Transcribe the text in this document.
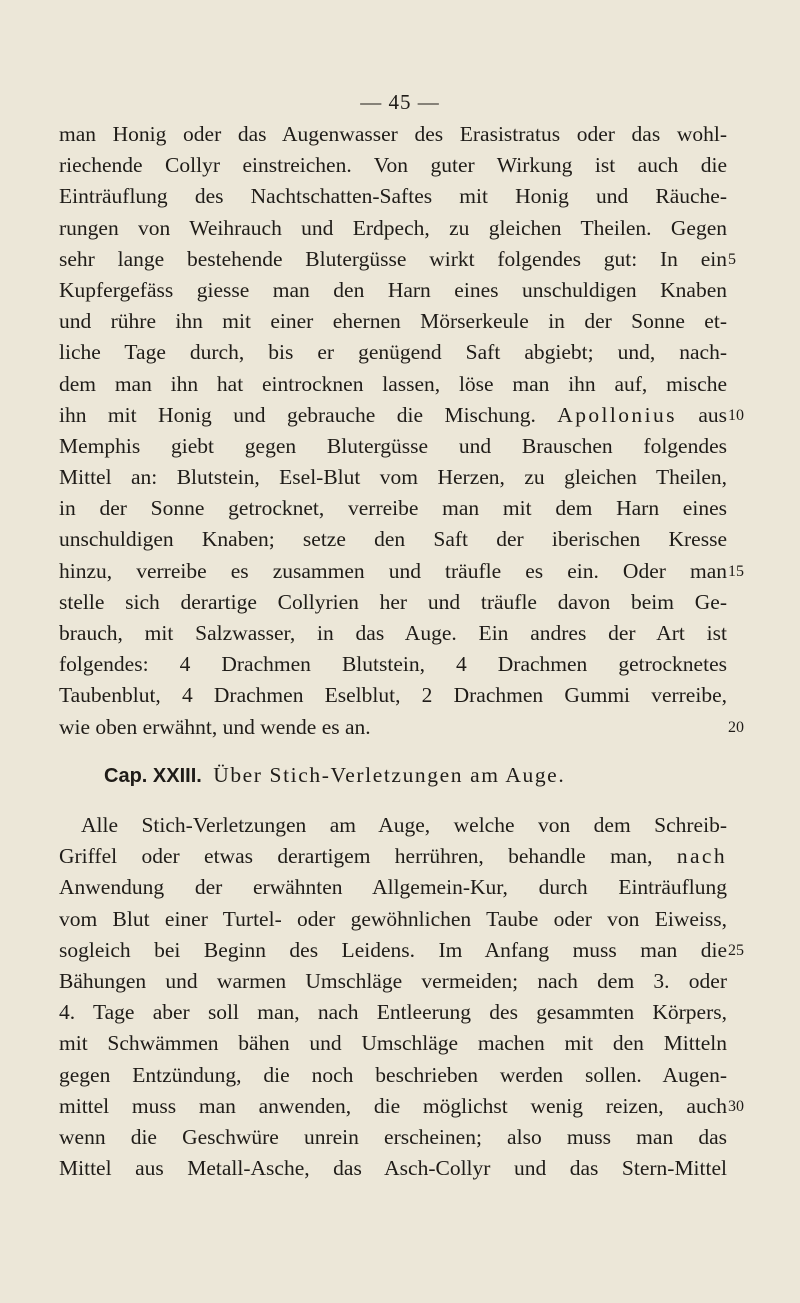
— 45 —
man Honig oder das Augenwasser des Erasistratus oder das wohl-
riechende Collyr einstreichen. Von guter Wirkung ist auch die
Einträuflung des Nachtschatten-Saftes mit Honig und Räuche-
rungen von Weihrauch und Erdpech, zu gleichen Theilen. Gegen
sehr lange bestehende Blutergüsse wirkt folgendes gut: In ein
Kupfergefäss giesse man den Harn eines unschuldigen Knaben
und rühre ihn mit einer ehernen Mörserkeule in der Sonne et-
liche Tage durch, bis er genügend Saft abgiebt; und, nach-
dem man ihn hat eintrocknen lassen, löse man ihn auf, mische
ihn mit Honig und gebrauche die Mischung. Apollonius aus
Memphis giebt gegen Blutergüsse und Brauschen folgendes
Mittel an: Blutstein, Esel-Blut vom Herzen, zu gleichen Theilen,
in der Sonne getrocknet, verreibe man mit dem Harn eines
unschuldigen Knaben; setze den Saft der iberischen Kresse
hinzu, verreibe es zusammen und träufle es ein. Oder man
stelle sich derartige Collyrien her und träufle davon beim Ge-
brauch, mit Salzwasser, in das Auge. Ein andres der Art ist
folgendes: 4 Drachmen Blutstein, 4 Drachmen getrocknetes
Taubenblut, 4 Drachmen Eselblut, 2 Drachmen Gummi verreibe,
wie oben erwähnt, und wende es an.
Cap. XXIII. Über Stich-Verletzungen am Auge.
Alle Stich-Verletzungen am Auge, welche von dem Schreib-
Griffel oder etwas derartigem herrühren, behandle man, nach
Anwendung der erwähnten Allgemein-Kur, durch Einträuflung
vom Blut einer Turtel- oder gewöhnlichen Taube oder von Eiweiss,
sogleich bei Beginn des Leidens. Im Anfang muss man die
Bähungen und warmen Umschläge vermeiden; nach dem 3. oder
4. Tage aber soll man, nach Entleerung des gesammten Körpers,
mit Schwämmen bähen und Umschläge machen mit den Mitteln
gegen Entzündung, die noch beschrieben werden sollen. Augen-
mittel muss man anwenden, die möglichst wenig reizen, auch
wenn die Geschwüre unrein erscheinen; also muss man das
Mittel aus Metall-Asche, das Asch-Collyr und das Stern-Mittel
5
10
15
20
25
30
